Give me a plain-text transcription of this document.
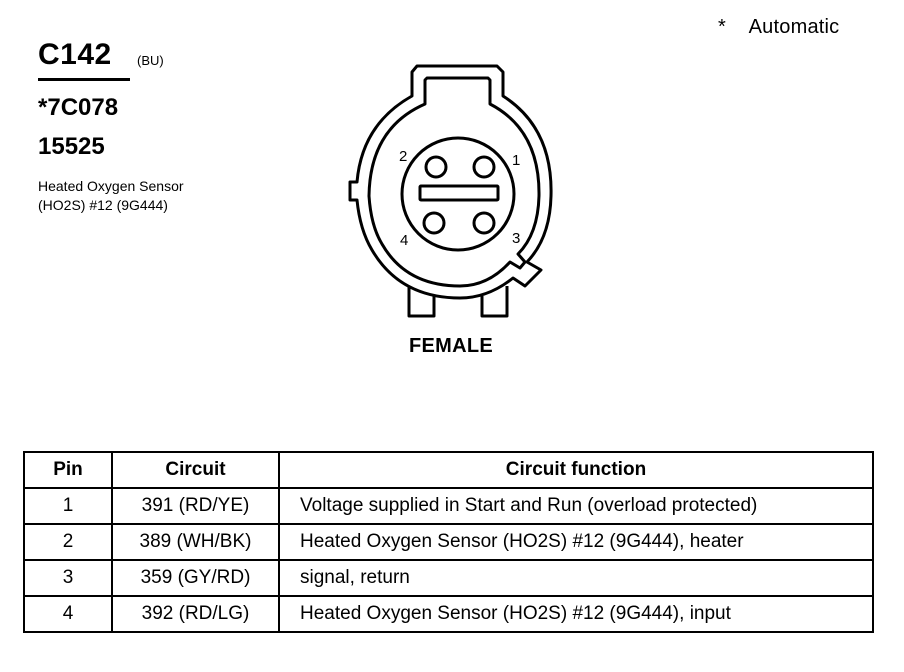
* Automatic
C142 (BU)
*7C078
15525
Heated Oxygen Sensor
(HO2S) #12 (9G444)
2	1
4	3
FEMALE
Pin	Circuit	Circuit function
1	391 (RD/YE)	Voltage supplied in Start and Run (overload protected)
2	389 (WH/BK)	Heated Oxygen Sensor (HO2S) #12 (9G444), heater
3	359 (GY/RD)	signal, return
4	392 (RD/LG)	Heated Oxygen Sensor (HO2S) #12 (9G444), input
